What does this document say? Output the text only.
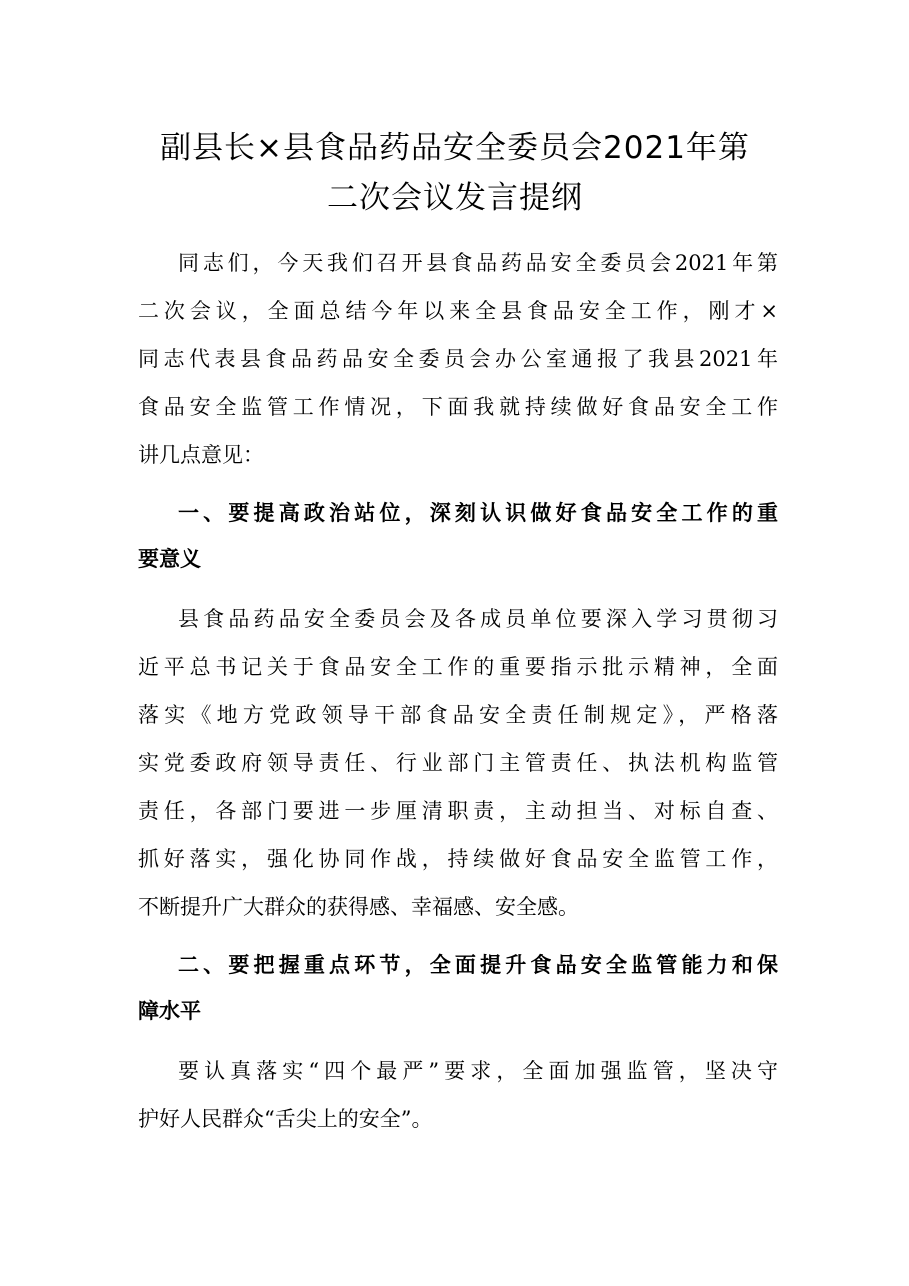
副县长×县食品药品安全委员会2021年第
二次会议发言提纲

同志们，今天我们召开县食品药品安全委员会2021年第

二次会议，全面总结今年以来全县食品安全工作，刚才×

同志代表县食品药品安全委员会办公室通报了我县2021年

食品安全监管工作情况，下面我就持续做好食品安全工作

讲几点意见：

一、要提高政治站位，深刻认识做好食品安全工作的重

要意义

县食品药品安全委员会及各成员单位要深入学习贯彻习

近平总书记关于食品安全工作的重要指示批示精神，全面

落实《地方党政领导干部食品安全责任制规定》，严格落

实党委政府领导责任、行业部门主管责任、执法机构监管

责任，各部门要进一步厘清职责，主动担当、对标自查、

抓好落实，强化协同作战，持续做好食品安全监管工作，

不断提升广大群众的获得感、幸福感、安全感。

二、要把握重点环节，全面提升食品安全监管能力和保

障水平

要认真落实“四个最严”要求，全面加强监管，坚决守

护好人民群众“舌尖上的安全”。
